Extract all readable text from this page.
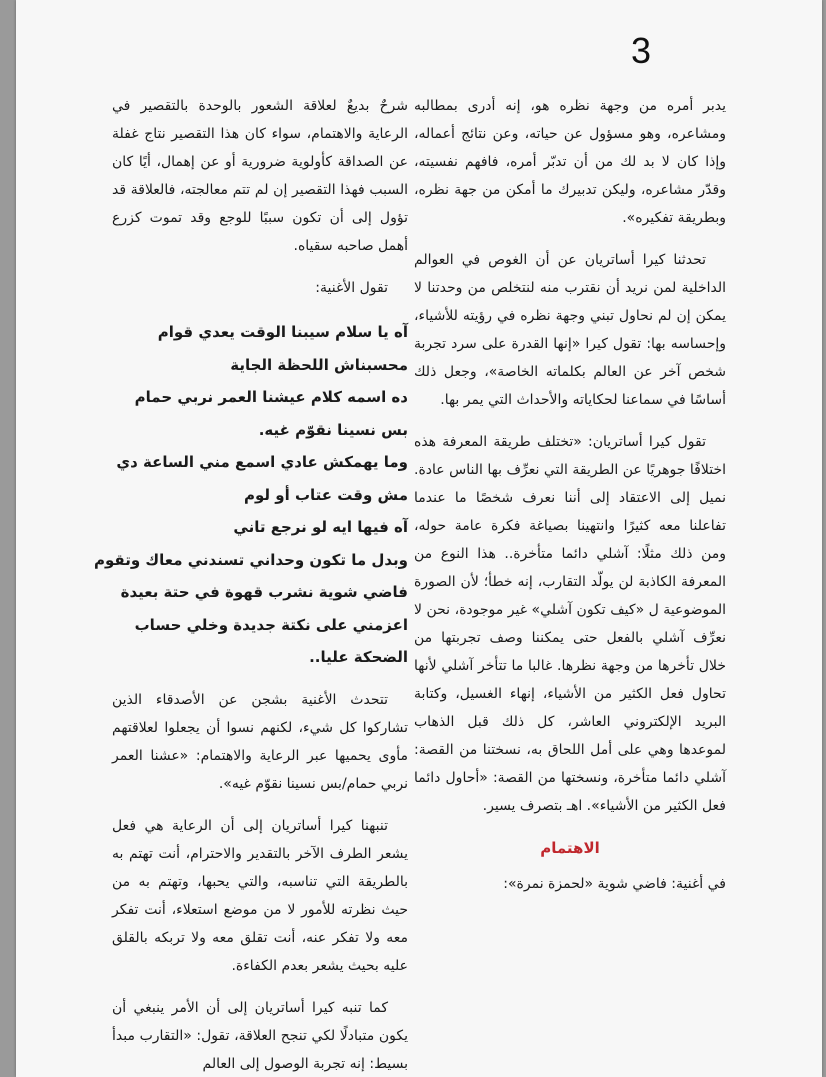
3

يدبر أمره من وجهة نظره هو، إنه أدرى بمطالبه ومشاعره، وهو مسؤول عن حياته، وعن نتائج أعماله، وإذا كان لا بد لك من أن تدبّر أمره، فافهم نفسيته، وقدّر مشاعره، وليكن تدبيرك ما أمكن من جهة نظره، وبطريقة تفكيره».

تحدثنا كيرا أساتريان عن أن الغوص في العوالم الداخلية لمن نريد أن نقترب منه لنتخلص من وحدتنا لا يمكن إن لم نحاول تبني وجهة نظره في رؤيته للأشياء، وإحساسه بها: تقول كيرا «إنها القدرة على سرد تجربة شخص آخر عن العالم بكلماته الخاصة»، وجعل ذلك أساسًا في سماعنا لحكاياته والأحداث التي يمر بها.

تقول كيرا أساتريان: «تختلف طريقة المعرفة هذه اختلافًا جوهريًا عن الطريقة التي نعرِّف بها الناس عادة. نميل إلى الاعتقاد إلى أننا نعرف شخصًا ما عندما تفاعلنا معه كثيرًا وانتهينا بصياغة فكرة عامة حوله، ومن ذلك مثلًا: آشلي دائما متأخرة.. هذا النوع من المعرفة الكاذبة لن يولّد التقارب، إنه خطأ؛ لأن الصورة الموضوعية ل «كيف تكون آشلي» غير موجودة، نحن لا نعرِّف آشلي بالفعل حتى يمكننا وصف تجربتها من خلال تأخرها من وجهة نظرها. غالبا ما تتأخر آشلي لأنها تحاول فعل الكثير من الأشياء، إنهاء الغسيل، وكتابة البريد الإلكتروني العاشر، كل ذلك قبل الذهاب لموعدها وهي على أمل اللحاق به، نسختنا من القصة: آشلي دائما متأخرة، ونسختها من القصة: «أحاول دائما فعل الكثير من الأشياء». اهـ بتصرف يسير.

الاهتمام

في أغنية: فاضي شوية «لحمزة نمرة»:

شرحٌ بديعٌ لعلاقة الشعور بالوحدة بالتقصير في الرعاية والاهتمام، سواء كان هذا التقصير نتاج غفلة عن الصداقة كأولوية ضرورية أو عن إهمال، أيًا كان السبب فهذا التقصير إن لم تتم معالجته، فالعلاقة قد تؤول إلى أن تكون سببًا للوجع وقد تموت كزرع أهمل صاحبه سقياه.

تقول الأغنية:

آه يا سلام سيبنا الوقت يعدي قوام
محسبناش اللحظة الجاية
ده اسمه كلام عيشنا العمر نربي حمام
بس نسينا نقوّم غيه.
وما يهمكش عادي اسمع مني الساعة دي
مش وقت عتاب أو لوم
آه فيها ايه لو نرجع تاني
وبدل ما تكون وحداني تسندني معاك وتقوم
فاضي شوية نشرب قهوة في حتة بعيدة
اعزمني على نكتة جديدة وخلي حساب
الضحكة عليا..

تتحدث الأغنية بشجن عن الأصدقاء الذين تشاركوا كل شيء، لكنهم نسوا أن يجعلوا لعلاقتهم مأوى يحميها عبر الرعاية والاهتمام: «عشنا العمر نربي حمام/بس نسينا نقوّم غيه».

تنبهنا كيرا أساتريان إلى أن الرعاية هي فعل يشعر الطرف الآخر بالتقدير والاحترام، أنت تهتم به بالطريقة التي تناسبه، والتي يحبها، وتهتم به من حيث نظرته للأمور لا من موضع استعلاء، أنت تفكر معه ولا تفكر عنه، أنت تقلق معه ولا تربكه بالقلق عليه بحيث يشعر بعدم الكفاءة.

كما تنبه كيرا أساتريان إلى أن الأمر ينبغي أن يكون متبادلًا لكي تنجح العلاقة، تقول: «التقارب مبدأ بسيط: إنه تجربة الوصول إلى العالم
